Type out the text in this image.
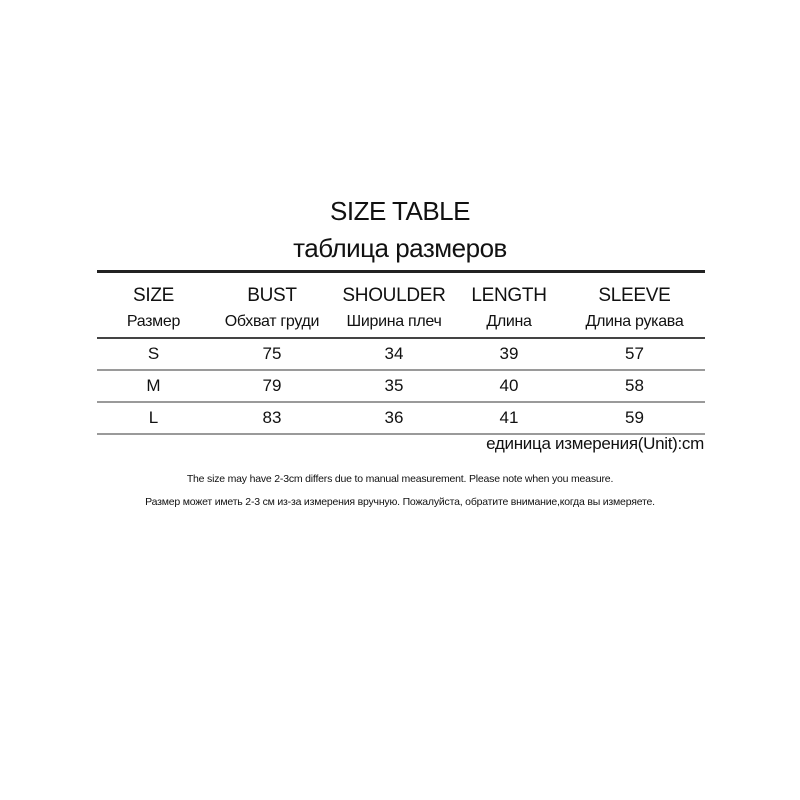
SIZE TABLE
таблица размеров
SIZE	BUST	SHOULDER	LENGTH	SLEEVE
Размер	Обхват груди	Ширина плеч	Длина	Длина рукава
S	75	34	39	57
M	79	35	40	58
L	83	36	41	59
единица измерения(Unit):cm
The size may have 2-3cm differs due to manual measurement. Please note when you measure.
Размер может иметь 2-3 см из-за измерения вручную. Пожалуйста, обратите внимание,когда вы измеряете.
